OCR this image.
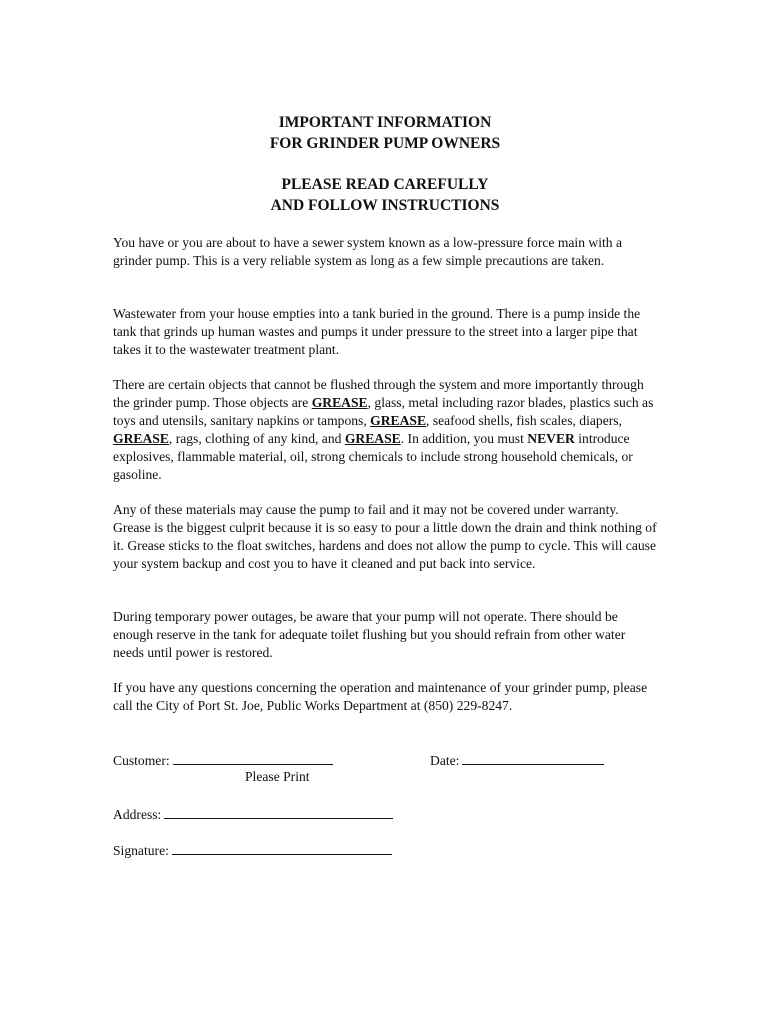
IMPORTANT INFORMATION
FOR GRINDER PUMP OWNERS
PLEASE READ CAREFULLY
AND FOLLOW INSTRUCTIONS

You have or you are about to have a sewer system known as a low-pressure force main with a grinder pump. This is a very reliable system as long as a few simple precautions are taken.

Wastewater from your house empties into a tank buried in the ground. There is a pump inside the tank that grinds up human wastes and pumps it under pressure to the street into a larger pipe that takes it to the wastewater treatment plant.

There are certain objects that cannot be flushed through the system and more importantly through the grinder pump. Those objects are GREASE, glass, metal including razor blades, plastics such as toys and utensils, sanitary napkins or tampons, GREASE, seafood shells, fish scales, diapers, GREASE, rags, clothing of any kind, and GREASE. In addition, you must NEVER introduce explosives, flammable material, oil, strong chemicals to include strong household chemicals, or gasoline.

Any of these materials may cause the pump to fail and it may not be covered under warranty. Grease is the biggest culprit because it is so easy to pour a little down the drain and think nothing of it. Grease sticks to the float switches, hardens and does not allow the pump to cycle. This will cause your system backup and cost you to have it cleaned and put back into service.

During temporary power outages, be aware that your pump will not operate. There should be enough reserve in the tank for adequate toilet flushing but you should refrain from other water needs until power is restored.

If you have any questions concerning the operation and maintenance of your grinder pump, please call the City of Port St. Joe, Public Works Department at (850) 229-8247.

Customer:
Please Print
Date:
Address:
Signature:
